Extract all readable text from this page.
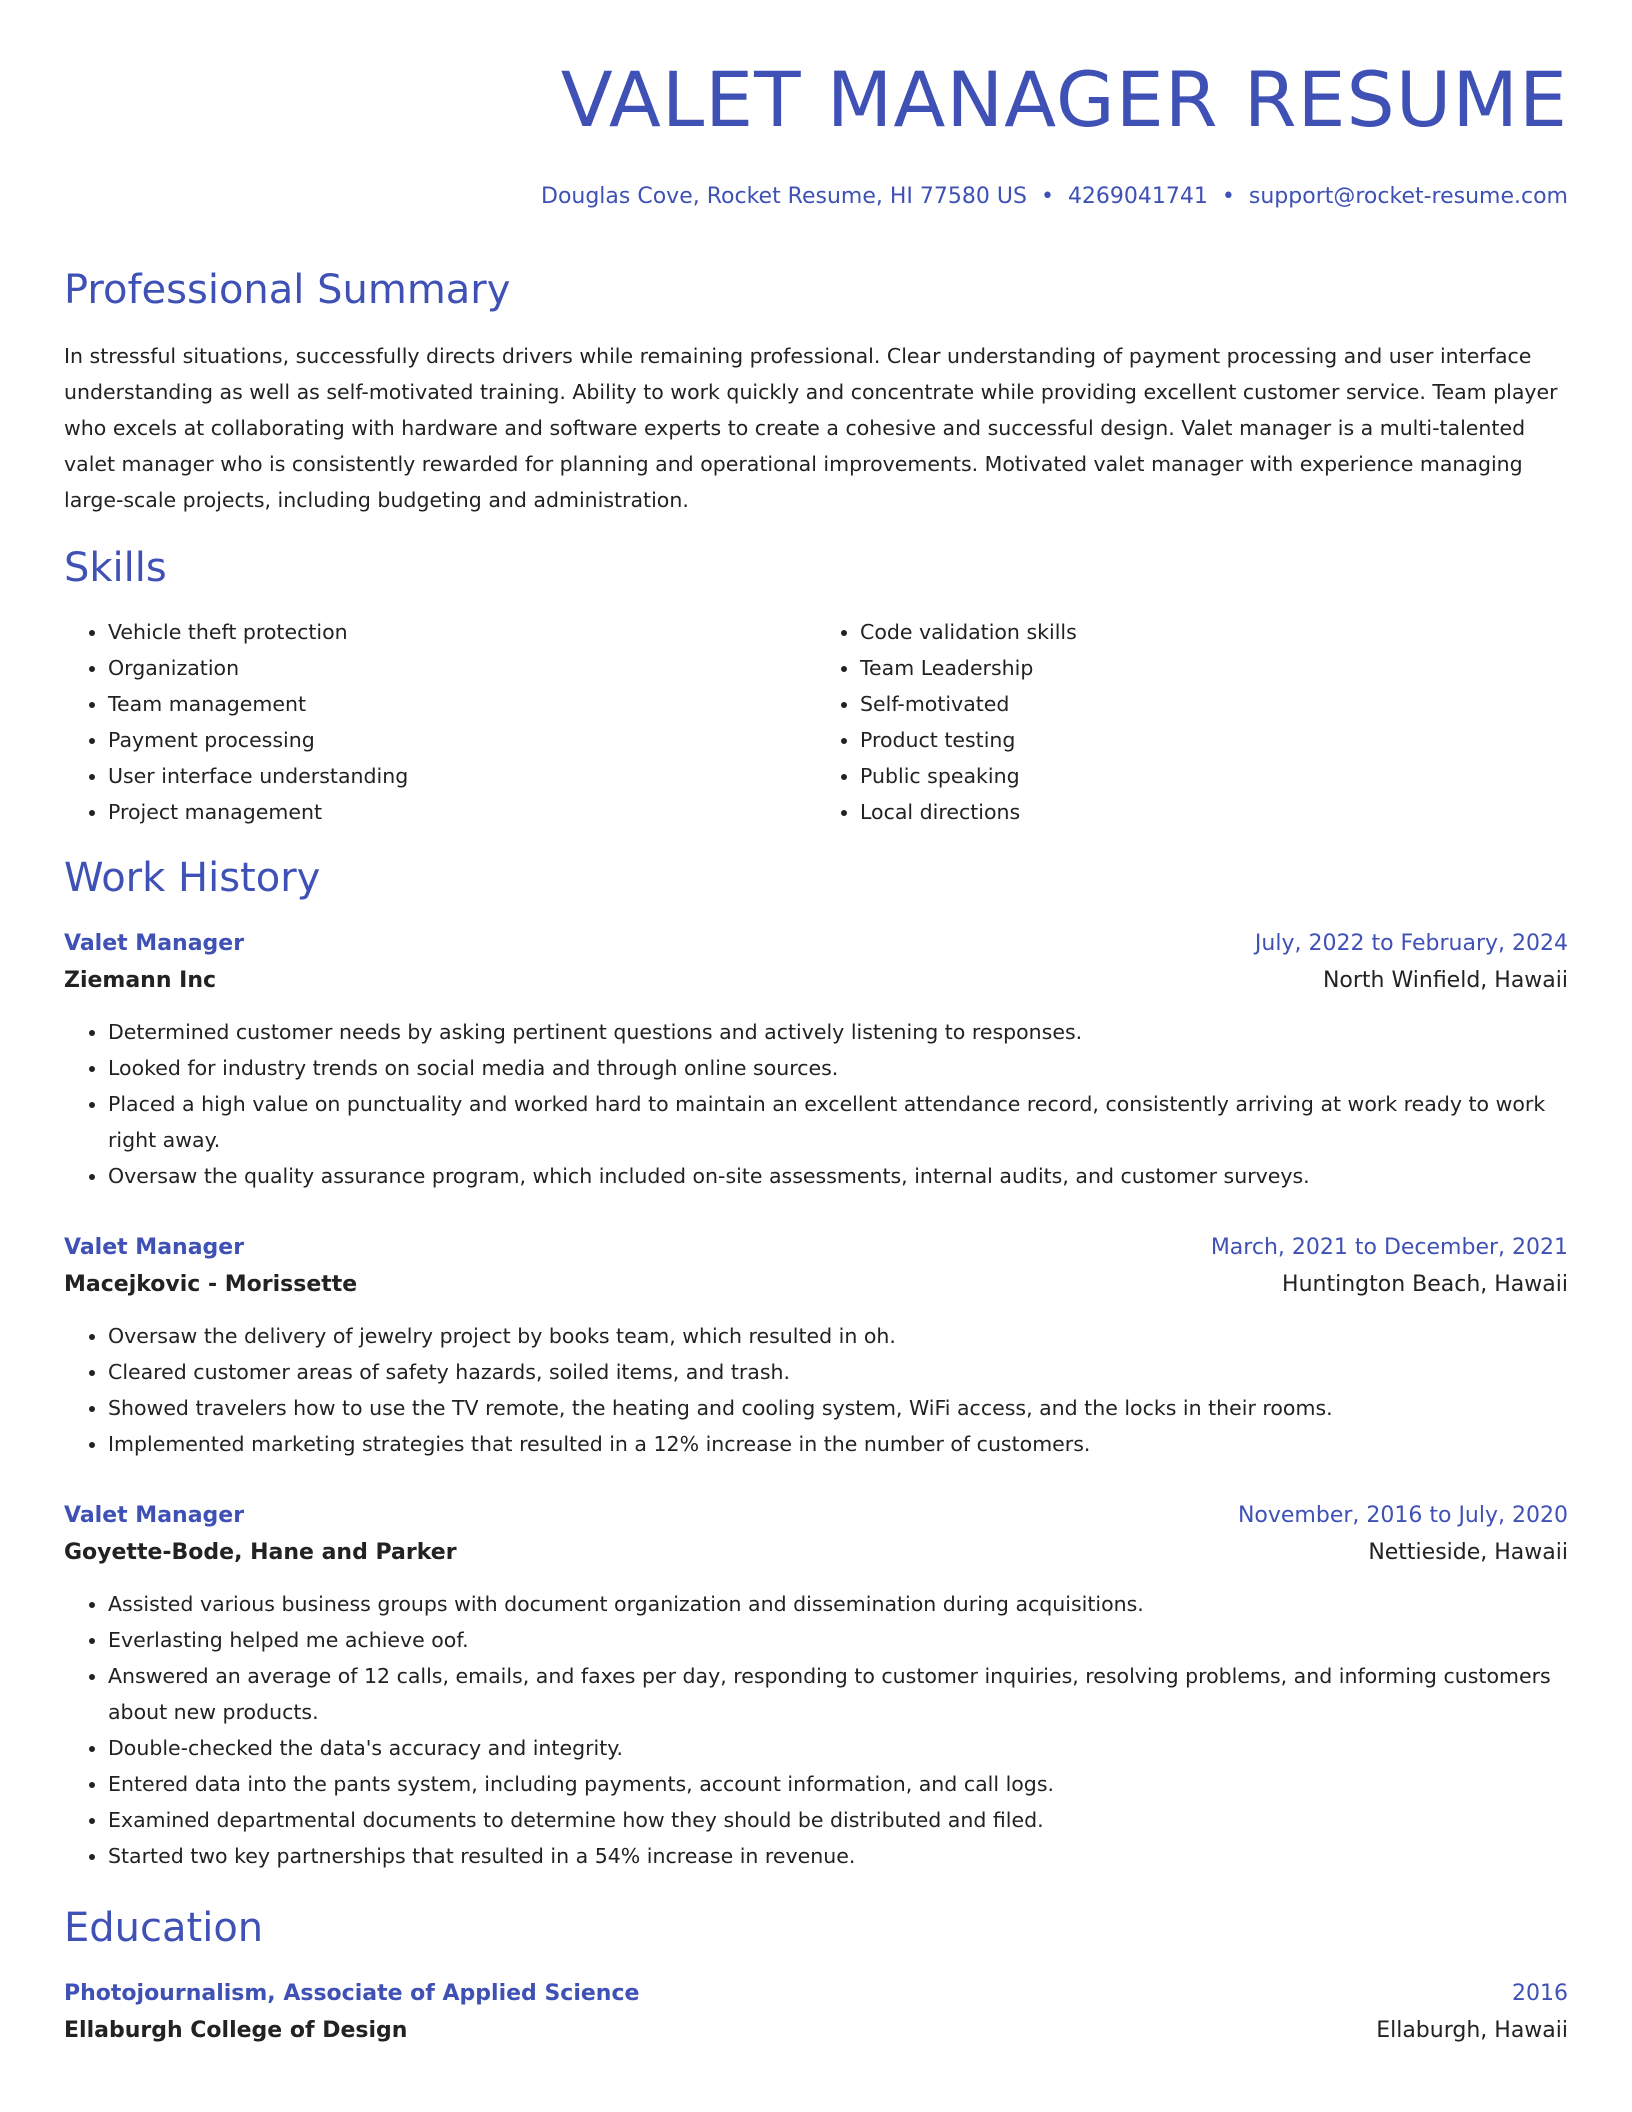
VALET MANAGER RESUME
Douglas Cove, Rocket Resume, HI 77580 US • 4269041741 • support@rocket-resume.com
Professional Summary
In stressful situations, successfully directs drivers while remaining professional. Clear understanding of payment processing and user interface understanding as well as self-motivated training. Ability to work quickly and concentrate while providing excellent customer service. Team player who excels at collaborating with hardware and software experts to create a cohesive and successful design. Valet manager is a multi-talented valet manager who is consistently rewarded for planning and operational improvements. Motivated valet manager with experience managing large-scale projects, including budgeting and administration.
Skills
• Vehicle theft protection
• Organization
• Team management
• Payment processing
• User interface understanding
• Project management
• Code validation skills
• Team Leadership
• Self-motivated
• Product testing
• Public speaking
• Local directions
Work History
Valet Manager	July, 2022 to February, 2024
Ziemann Inc	North Winfield, Hawaii
• Determined customer needs by asking pertinent questions and actively listening to responses.
• Looked for industry trends on social media and through online sources.
• Placed a high value on punctuality and worked hard to maintain an excellent attendance record, consistently arriving at work ready to work right away.
• Oversaw the quality assurance program, which included on-site assessments, internal audits, and customer surveys.
Valet Manager	March, 2021 to December, 2021
Macejkovic - Morissette	Huntington Beach, Hawaii
• Oversaw the delivery of jewelry project by books team, which resulted in oh.
• Cleared customer areas of safety hazards, soiled items, and trash.
• Showed travelers how to use the TV remote, the heating and cooling system, WiFi access, and the locks in their rooms.
• Implemented marketing strategies that resulted in a 12% increase in the number of customers.
Valet Manager	November, 2016 to July, 2020
Goyette-Bode, Hane and Parker	Nettieside, Hawaii
• Assisted various business groups with document organization and dissemination during acquisitions.
• Everlasting helped me achieve oof.
• Answered an average of 12 calls, emails, and faxes per day, responding to customer inquiries, resolving problems, and informing customers about new products.
• Double-checked the data's accuracy and integrity.
• Entered data into the pants system, including payments, account information, and call logs.
• Examined departmental documents to determine how they should be distributed and filed.
• Started two key partnerships that resulted in a 54% increase in revenue.
Education
Photojournalism, Associate of Applied Science	2016
Ellaburgh College of Design	Ellaburgh, Hawaii
